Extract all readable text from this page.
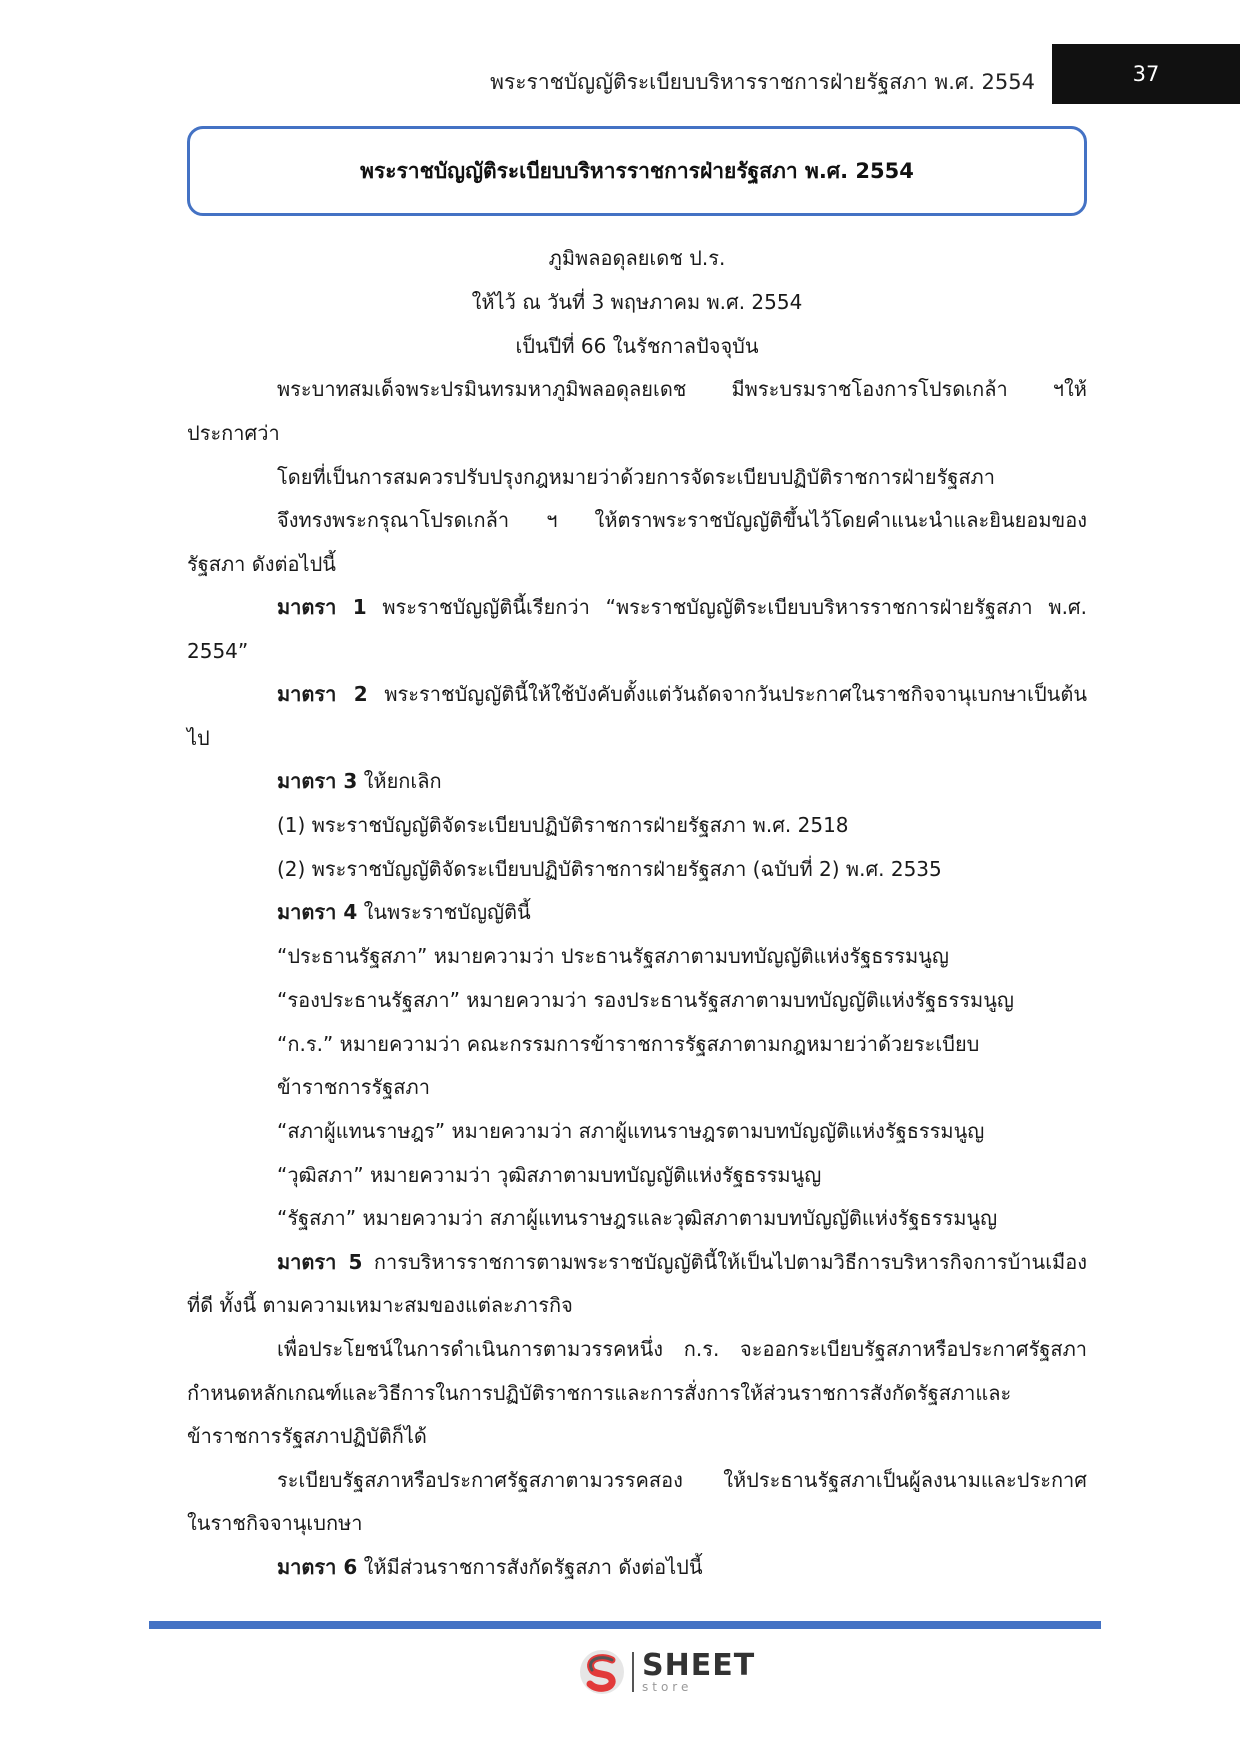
พระราชบัญญัติระเบียบบริหารราชการฝ่ายรัฐสภา พ.ศ. 2554	37
พระราชบัญญัติระเบียบบริหารราชการฝ่ายรัฐสภา พ.ศ. 2554
ภูมิพลอดุลยเดช ป.ร.
ให้ไว้ ณ วันที่ 3 พฤษภาคม พ.ศ. 2554
เป็นปีที่ 66 ในรัชกาลปัจจุบัน
พระบาทสมเด็จพระปรมินทรมหาภูมิพลอดุลยเดช มีพระบรมราชโองการโปรดเกล้า ฯให้
ประกาศว่า
โดยที่เป็นการสมควรปรับปรุงกฎหมายว่าด้วยการจัดระเบียบปฏิบัติราชการฝ่ายรัฐสภา
จึงทรงพระกรุณาโปรดเกล้า ฯ ให้ตราพระราชบัญญัติขึ้นไว้โดยคำแนะนำและยินยอมของ
รัฐสภา ดังต่อไปนี้
มาตรา 1 พระราชบัญญัตินี้เรียกว่า “พระราชบัญญัติระเบียบบริหารราชการฝ่ายรัฐสภา พ.ศ.
2554”
มาตรา 2 พระราชบัญญัตินี้ให้ใช้บังคับตั้งแต่วันถัดจากวันประกาศในราชกิจจานุเบกษาเป็นต้น
ไป
มาตรา 3 ให้ยกเลิก
(1) พระราชบัญญัติจัดระเบียบปฏิบัติราชการฝ่ายรัฐสภา พ.ศ. 2518
(2) พระราชบัญญัติจัดระเบียบปฏิบัติราชการฝ่ายรัฐสภา (ฉบับที่ 2) พ.ศ. 2535
มาตรา 4 ในพระราชบัญญัตินี้
“ประธานรัฐสภา” หมายความว่า ประธานรัฐสภาตามบทบัญญัติแห่งรัฐธรรมนูญ
“รองประธานรัฐสภา” หมายความว่า รองประธานรัฐสภาตามบทบัญญัติแห่งรัฐธรรมนูญ
“ก.ร.” หมายความว่า คณะกรรมการข้าราชการรัฐสภาตามกฎหมายว่าด้วยระเบียบ
ข้าราชการรัฐสภา
“สภาผู้แทนราษฎร” หมายความว่า สภาผู้แทนราษฎรตามบทบัญญัติแห่งรัฐธรรมนูญ
“วุฒิสภา” หมายความว่า วุฒิสภาตามบทบัญญัติแห่งรัฐธรรมนูญ
“รัฐสภา” หมายความว่า สภาผู้แทนราษฎรและวุฒิสภาตามบทบัญญัติแห่งรัฐธรรมนูญ
มาตรา 5 การบริหารราชการตามพระราชบัญญัตินี้ให้เป็นไปตามวิธีการบริหารกิจการบ้านเมือง
ที่ดี ทั้งนี้ ตามความเหมาะสมของแต่ละภารกิจ
เพื่อประโยชน์ในการดำเนินการตามวรรคหนึ่ง ก.ร. จะออกระเบียบรัฐสภาหรือประกาศรัฐสภา
กำหนดหลักเกณฑ์และวิธีการในการปฏิบัติราชการและการสั่งการให้ส่วนราชการสังกัดรัฐสภาและ
ข้าราชการรัฐสภาปฏิบัติก็ได้
ระเบียบรัฐสภาหรือประกาศรัฐสภาตามวรรคสอง ให้ประธานรัฐสภาเป็นผู้ลงนามและประกาศ
ในราชกิจจานุเบกษา
มาตรา 6 ให้มีส่วนราชการสังกัดรัฐสภา ดังต่อไปนี้
SHEET
store
